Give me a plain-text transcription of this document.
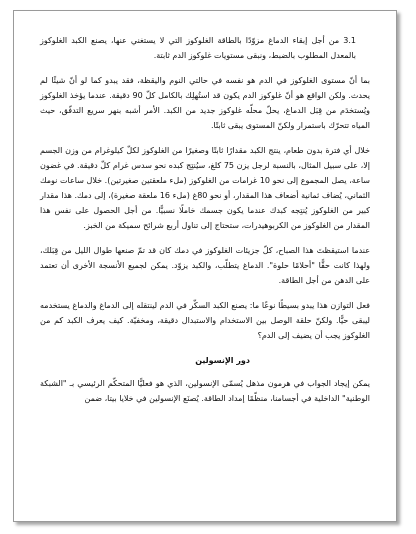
3.1 من أجل إبقاء الدماغ مزوّدًا بالطاقة الغلوكوز التي لا يستغني عنها، يصنع الكبد الغلوكوز بالمعدل المطلوب بالضبط، ونبقى مستويات غلوكوز الدم ثابتة.

بما أنّ مستوى الغلوكوز في الدم هو نفسه في حالتي النوم واليقظة، فقد يبدو كما لو أنّ شيئًا لم يحدث. ولكن الواقع هو أنّ غلوكوز الدم يكون قد استُهلِك بالكامل كلّ 90 دقيقة. عندما يؤخذ الغلوكوز ويُستخدَم من قِبَل الدماغ، يحلّ محلّه غلوكوز جديد من الكبد. الأمر أشبه بنهر سريع التدفّق، حيث المياه تتحرّك باستمرار ولكنّ المستوى يبقى ثابتًا.

خلال أي فترة بدون طعام، ينتج الكبد مقدارًا ثابتًا وصغيرًا من الغلوكوز لكلّ كيلوغرام من وزن الجسم إلا، على سبيل المثال، بالنسبة لرجل يزن 75 كلغ، سيُنتِج كبده نحو سدس غرام كلّ دقيقة. في غضون ساعة، يصل المجموع إلى نحو 10 غرامات من الغلوكوز (ملء ملعقتين صغيرتين). خلال ساعات نومك الثماني، يُضاف ثمانية أضعاف هذا المقدار، أو نحو 80غ (ملء 16 ملعقة صغيرة)، إلى دمك. هذا مقدار كبير من الغلوكوز يُنتِجه كبدك عندما يكون جسمك خاملًا نسبيًّا. من أجل الحصول على نفس هذا المقدار من الغلوكوز من الكربوهيدرات، ستحتاج إلى تناول أربع شرائح سميكة من الخبز.

عندما استيقظتَ هذا الصباح، كلّ جزيئات الغلوكوز في دمك كان قد تمّ صنعها طوال الليل من قِبَلك، ولهذا كانت حقًّا "أحلامًا حلوة". الدماغ يتطلّب، والكبد يزوّد. يمكن لجميع الأنسجة الأخرى أن تعتمد على الدهن من أجل الطاقة.

فعل التوازن هذا يبدو بسيطًا نوعًا ما: يصنع الكبد السكّر في الدم لينتقله إلى الدماغ والدماغ يستخدمه ليبقى حيًّا. ولكنّ حلقة الوصل بين الاستخدام والاستبدال دقيقة، ومخفيّة. كيف يعرف الكبد كم من الغلوكوز يجب أن يضيف إلى الدم؟

دور الإنسولين

يمكن إيجاد الجواب في هرمون مذهل يُسمّى الإنسولين، الذي هو فعليًّا المتحكّم الرئيسي بـ "الشبكة الوطنية" الداخلية في أجسامنا، منظّمًا إمداد الطاقة. يُصنَع الإنسولين في خلايا بيتا، ضمن
